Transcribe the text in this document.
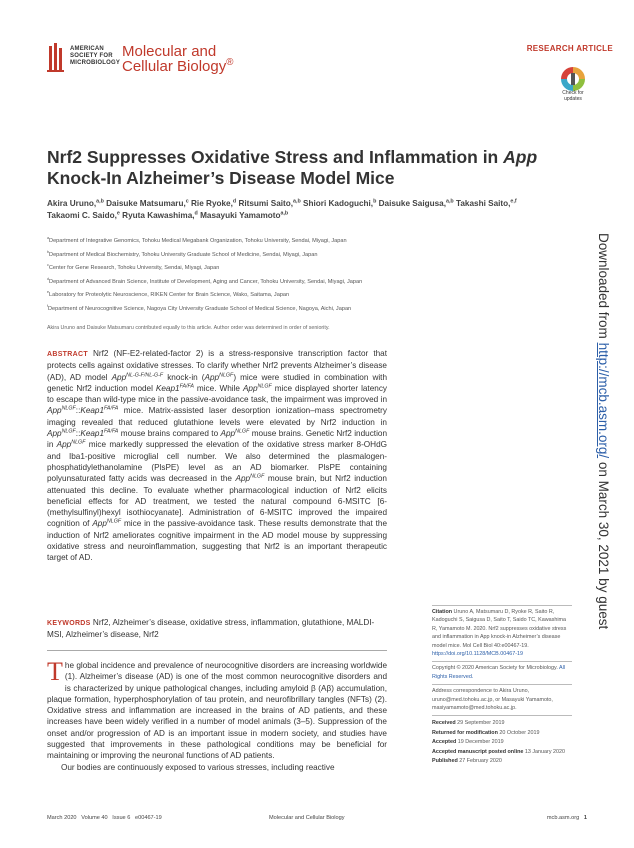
AMERICAN
SOCIETY FOR
MICROBIOLOGY
Molecular and
Cellular Biology®
RESEARCH ARTICLE
Check for
updates
Nrf2 Suppresses Oxidative Stress and Inflammation in App Knock-In Alzheimer’s Disease Model Mice
Akira Uruno,$^{a,b}$ Daisuke Matsumaru,$^c$ Rie Ryoke,$^d$ Ritsumi Saito,$^{a,b}$ Shiori Kadoguchi,$^b$ Daisuke Saigusa,$^{a,b}$ Takashi Saito,$^{e,f}$
Takaomi C. Saido,$^e$ Ryuta Kawashima,$^d$ Masayuki Yamamoto$^{a,b}$
$^a$Department of Integrative Genomics, Tohoku Medical Megabank Organization, Tohoku University, Sendai, Miyagi, Japan
$^b$Department of Medical Biochemistry, Tohoku University Graduate School of Medicine, Sendai, Miyagi, Japan
$^c$Center for Gene Research, Tohoku University, Sendai, Miyagi, Japan
$^d$Department of Advanced Brain Science, Institute of Development, Aging and Cancer, Tohoku University, Sendai, Miyagi, Japan
$^e$Laboratory for Proteolytic Neuroscience, RIKEN Center for Brain Science, Wako, Saitama, Japan
$^f$Department of Neurocognitive Science, Nagoya City University Graduate School of Medical Science, Nagoya, Aichi, Japan
Akira Uruno and Daisuke Matsumaru contributed equally to this article. Author order was determined in order of seniority.
ABSTRACT Nrf2 (NF-E2-related-factor 2) is a stress-responsive transcription factor that protects cells against oxidative stresses. To clarify whether Nrf2 prevents Alzheimer’s disease (AD), AD model App$^{NL-G-F/NL-G-F}$ knock-in (App$^{NLGF}$) mice were studied in combination with genetic Nrf2 induction model $Keap1^{FA/FA}$ mice. While App$^{NLGF}$ mice displayed shorter latency to escape than wild-type mice in the passive-avoidance task, the impairment was improved in $App^{NLGF}::Keap1^{FA/FA}$ mice. Matrix-assisted laser desorption ionization–mass spectrometry imaging revealed that reduced glutathione levels were elevated by Nrf2 induction in $App^{NLGF}::Keap1^{FA/FA}$ mouse brains compared to App$^{NLGF}$ mouse brains. Genetic Nrf2 induction in App$^{NLGF}$ mice markedly suppressed the elevation of the oxidative stress marker 8-OHdG and Iba1-positive microglial cell number. We also determined the plasmalogen-phosphatidylethanolamine (PlsPE) level as an AD biomarker. PlsPE containing polyunsaturated fatty acids was decreased in the App$^{NLGF}$ mouse brain, but Nrf2 induction attenuated this decline. To evaluate whether pharmacological induction of Nrf2 elicits beneficial effects for AD treatment, we tested the natural compound 6-MSITC [6-(methylsulfinyl)hexyl isothiocyanate]. Administration of 6-MSITC improved the impaired cognition of App$^{NLGF}$ mice in the passive-avoidance task. These results demonstrate that the induction of Nrf2 ameliorates cognitive impairment in the AD model mouse by suppressing oxidative stress and neuroinflammation, suggesting that Nrf2 is an important therapeutic target of AD.
KEYWORDS Nrf2, Alzheimer’s disease, oxidative stress, inflammation, glutathione, MALDI-MSI, Alzheimer’s disease, Nrf2
The global incidence and prevalence of neurocognitive disorders are increasing worldwide (1). Alzheimer’s disease (AD) is one of the most common neurocognitive disorders and is characterized by unique pathological changes, including amyloid β (Aβ) accumulation, plaque formation, hyperphosphorylation of tau protein, and neurofibrillary tangles (NFTs) (2). Oxidative stress and inflammation are increased in the brains of AD patients, and these increases have been widely verified in a number of model animals (3–5). Suppression of the onset and/or progression of AD is an important issue in modern society, and studies have suggested that improvements in these pathological conditions may be beneficial for maintaining or improving the neuronal functions of AD patients.
Our bodies are continuously exposed to various stresses, including reactive
Citation Uruno A, Matsumaru D, Ryoke R, Saito R, Kadoguchi S, Saigusa D, Saito T, Saido TC, Kawashima R, Yamamoto M. 2020. Nrf2 suppresses oxidative stress and inflammation in App knock-in Alzheimer’s disease model mice. Mol Cell Biol 40:e00467-19. https://doi.org/10.1128/MCB.00467-19
Copyright © 2020 American Society for Microbiology. All Rights Reserved.
Address correspondence to Akira Uruno, uruno@med.tohoku.ac.jp, or Masayuki Yamamoto, masiyamamoto@med.tohoku.ac.jp.
Received 29 September 2019
Returned for modification 20 October 2019
Accepted 19 December 2019
Accepted manuscript posted online 13 January 2020
Published 27 February 2020
March 2020   Volume 40   Issue 6   e00467-19	Molecular and Cellular Biology	mcb.asm.org 1
Downloaded from http://mcb.asm.org/ on March 30, 2021 by guest
